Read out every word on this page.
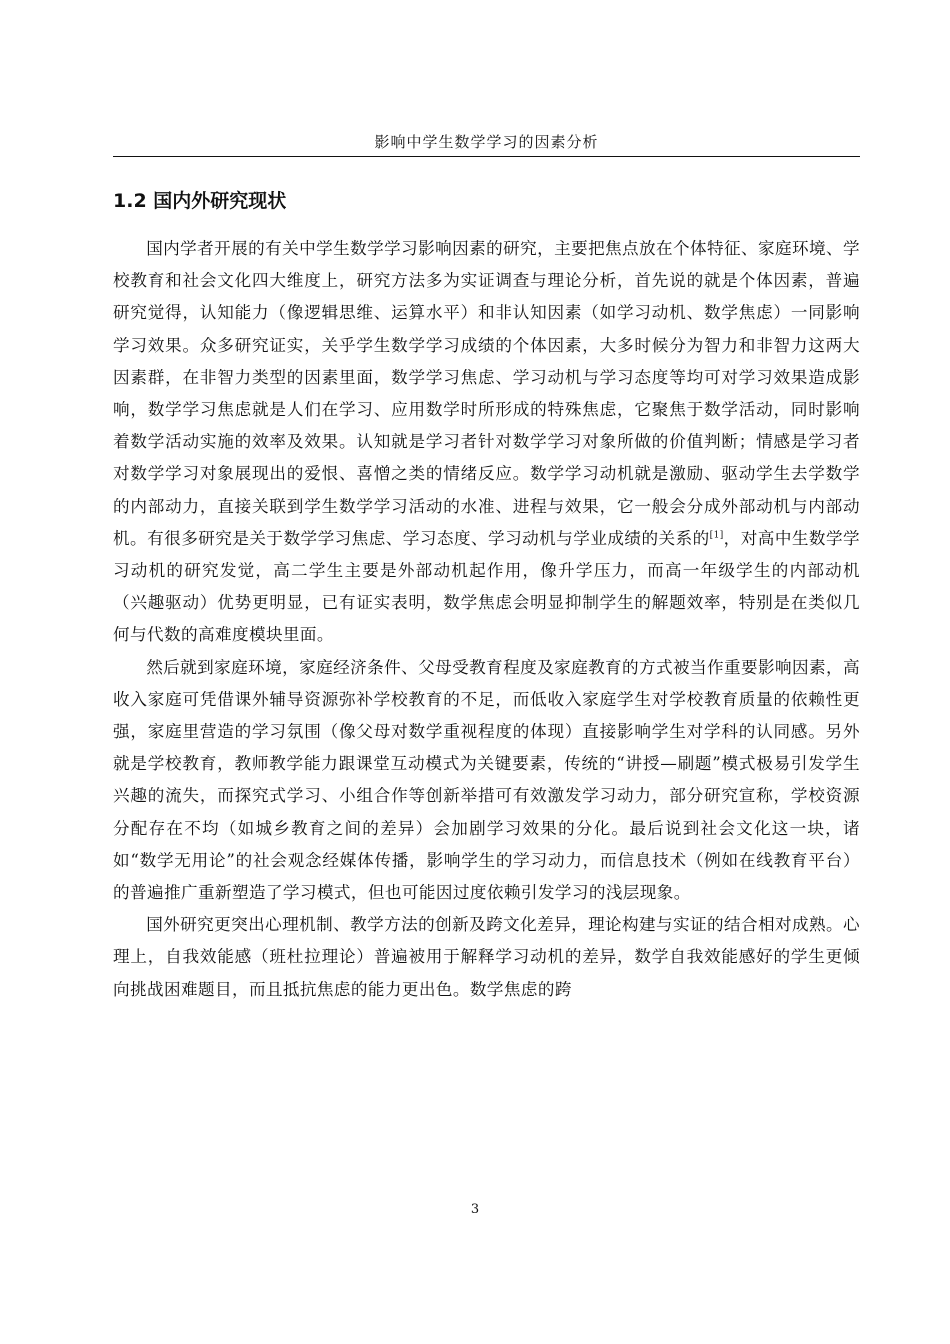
影响中学生数学学习的因素分析
1.2 国内外研究现状

国内学者开展的有关中学生数学学习影响因素的研究，主要把焦点放在个体特征、家庭环境、学校教育和社会文化四大维度上，研究方法多为实证调查与理论分析，首先说的就是个体因素，普遍研究觉得，认知能力（像逻辑思维、运算水平）和非认知因素（如学习动机、数学焦虑）一同影响学习效果。众多研究证实，关乎学生数学学习成绩的个体因素，大多时候分为智力和非智力这两大因素群，在非智力类型的因素里面，数学学习焦虑、学习动机与学习态度等均可对学习效果造成影响，数学学习焦虑就是人们在学习、应用数学时所形成的特殊焦虑，它聚焦于数学活动，同时影响着数学活动实施的效率及效果。认知就是学习者针对数学学习对象所做的价值判断；情感是学习者对数学学习对象展现出的爱恨、喜憎之类的情绪反应。数学学习动机就是激励、驱动学生去学数学的内部动力，直接关联到学生数学学习活动的水准、进程与效果，它一般会分成外部动机与内部动机。有很多研究是关于数学学习焦虑、学习态度、学习动机与学业成绩的关系的[1]，对高中生数学学习动机的研究发觉，高二学生主要是外部动机起作用，像升学压力，而高一年级学生的内部动机（兴趣驱动）优势更明显，已有证实表明，数学焦虑会明显抑制学生的解题效率，特别是在类似几何与代数的高难度模块里面。

然后就到家庭环境，家庭经济条件、父母受教育程度及家庭教育的方式被当作重要影响因素，高收入家庭可凭借课外辅导资源弥补学校教育的不足，而低收入家庭学生对学校教育质量的依赖性更强，家庭里营造的学习氛围（像父母对数学重视程度的体现）直接影响学生对学科的认同感。另外就是学校教育，教师教学能力跟课堂互动模式为关键要素，传统的“讲授—刷题”模式极易引发学生兴趣的流失，而探究式学习、小组合作等创新举措可有效激发学习动力，部分研究宣称，学校资源分配存在不均（如城乡教育之间的差异）会加剧学习效果的分化。最后说到社会文化这一块，诸如“数学无用论”的社会观念经媒体传播，影响学生的学习动力，而信息技术（例如在线教育平台）的普遍推广重新塑造了学习模式，但也可能因过度依赖引发学习的浅层现象。

国外研究更突出心理机制、教学方法的创新及跨文化差异，理论构建与实证的结合相对成熟。心理上，自我效能感（班杜拉理论）普遍被用于解释学习动机的差异，数学自我效能感好的学生更倾向挑战困难题目，而且抵抗焦虑的能力更出色。数学焦虑的跨

3
